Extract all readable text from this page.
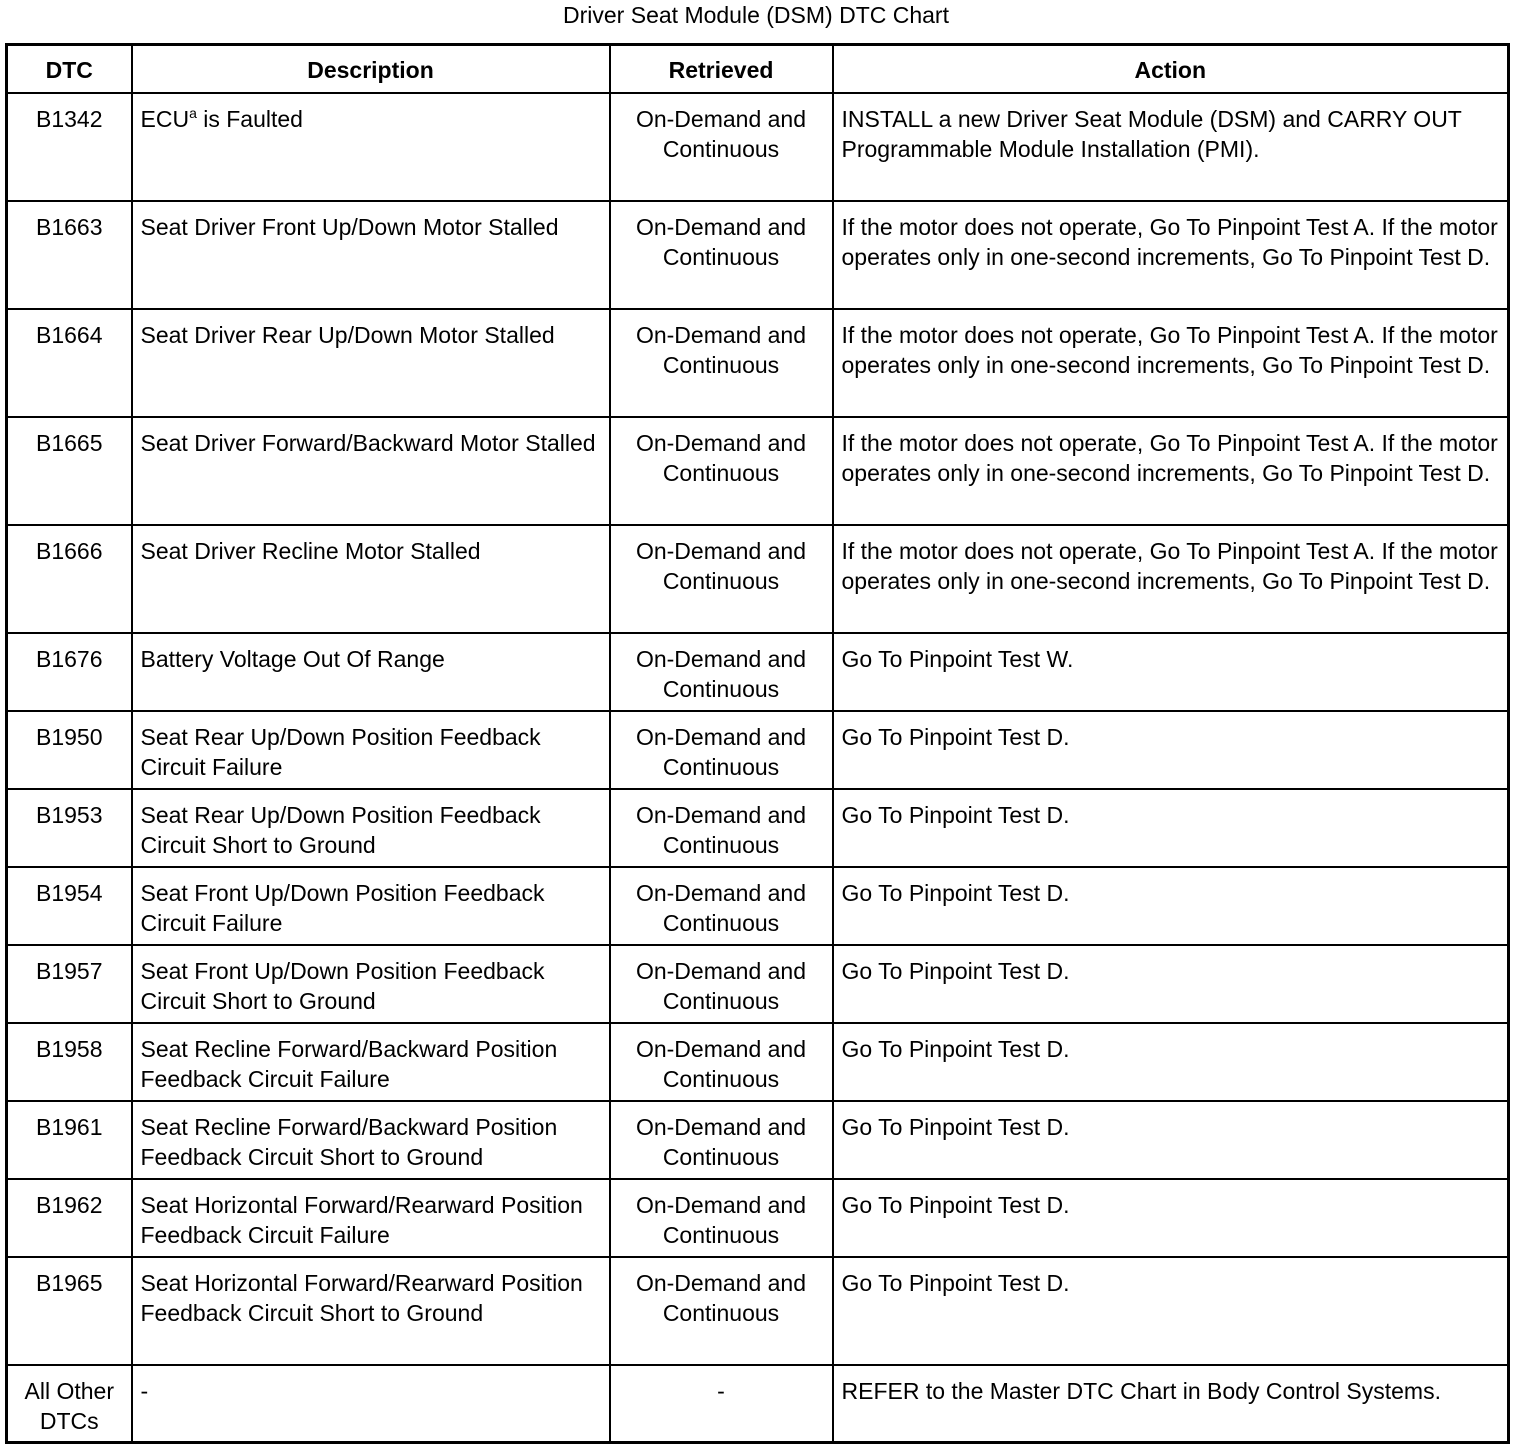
Driver Seat Module (DSM) DTC Chart
DTC	Description	Retrieved	Action
B1342	ECU$^a$ is Faulted	On-Demand and Continuous	INSTALL a new Driver Seat Module (DSM) and CARRY OUT Programmable Module Installation (PMI).
B1663	Seat Driver Front Up/Down Motor Stalled	On-Demand and Continuous	If the motor does not operate, Go To Pinpoint Test A. If the motor operates only in one-second increments, Go To Pinpoint Test D.
B1664	Seat Driver Rear Up/Down Motor Stalled	On-Demand and Continuous	If the motor does not operate, Go To Pinpoint Test A. If the motor operates only in one-second increments, Go To Pinpoint Test D.
B1665	Seat Driver Forward/Backward Motor Stalled	On-Demand and Continuous	If the motor does not operate, Go To Pinpoint Test A. If the motor operates only in one-second increments, Go To Pinpoint Test D.
B1666	Seat Driver Recline Motor Stalled	On-Demand and Continuous	If the motor does not operate, Go To Pinpoint Test A. If the motor operates only in one-second increments, Go To Pinpoint Test D.
B1676	Battery Voltage Out Of Range	On-Demand and Continuous	Go To Pinpoint Test W.
B1950	Seat Rear Up/Down Position Feedback Circuit Failure	On-Demand and Continuous	Go To Pinpoint Test D.
B1953	Seat Rear Up/Down Position Feedback Circuit Short to Ground	On-Demand and Continuous	Go To Pinpoint Test D.
B1954	Seat Front Up/Down Position Feedback Circuit Failure	On-Demand and Continuous	Go To Pinpoint Test D.
B1957	Seat Front Up/Down Position Feedback Circuit Short to Ground	On-Demand and Continuous	Go To Pinpoint Test D.
B1958	Seat Recline Forward/Backward Position Feedback Circuit Failure	On-Demand and Continuous	Go To Pinpoint Test D.
B1961	Seat Recline Forward/Backward Position Feedback Circuit Short to Ground	On-Demand and Continuous	Go To Pinpoint Test D.
B1962	Seat Horizontal Forward/Rearward Position Feedback Circuit Failure	On-Demand and Continuous	Go To Pinpoint Test D.
B1965	Seat Horizontal Forward/Rearward Position Feedback Circuit Short to Ground	On-Demand and Continuous	Go To Pinpoint Test D.
All Other DTCs	-	-	REFER to the Master DTC Chart in Body Control Systems.
